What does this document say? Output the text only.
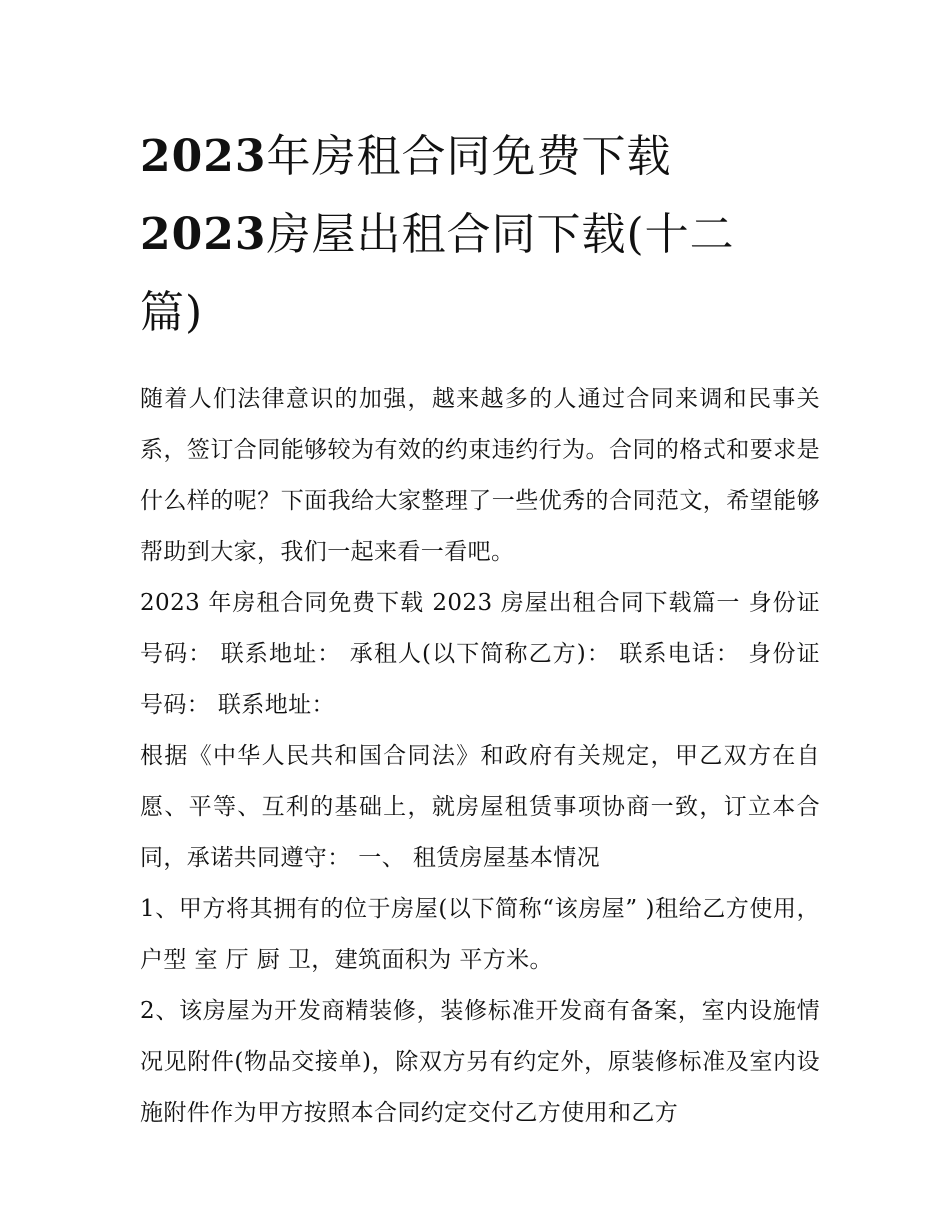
2023年房租合同免费下载
2023房屋出租合同下载(十二
篇)

随着人们法律意识的加强，越来越多的人通过合同来调和民事关系，签订合同能够较为有效的约束违约行为。合同的格式和要求是什么样的呢？下面我给大家整理了一些优秀的合同范文，希望能够帮助到大家，我们一起来看一看吧。

2023 年房租合同免费下载 2023 房屋出租合同下载篇一 身份证号码： 联系地址： 承租人(以下简称乙方)： 联系电话： 身份证号码： 联系地址：

根据《中华人民共和国合同法》和政府有关规定，甲乙双方在自愿、平等、互利的基础上，就房屋租赁事项协商一致，订立本合同，承诺共同遵守： 一、 租赁房屋基本情况

1、甲方将其拥有的位于房屋(以下简称“该房屋” )租给乙方使用，户型 室 厅 厨 卫，建筑面积为 平方米。

2、该房屋为开发商精装修，装修标准开发商有备案，室内设施情况见附件(物品交接单)，除双方另有约定外，原装修标准及室内设施附件作为甲方按照本合同约定交付乙方使用和乙方
